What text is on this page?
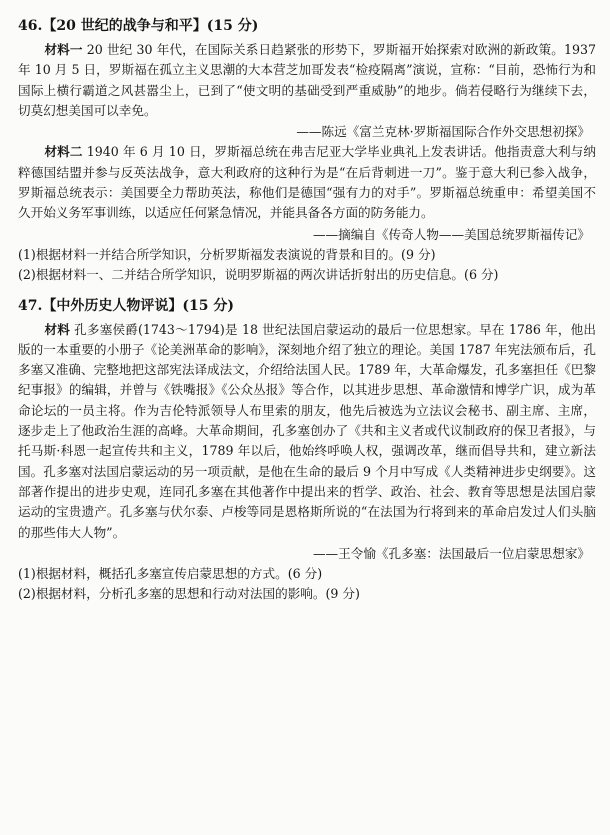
46.【20 世纪的战争与和平】(15 分)

材料一 20 世纪 30 年代，在国际关系日趋紧张的形势下，罗斯福开始探索对欧洲的新政策。1937 年 10 月 5 日，罗斯福在孤立主义思潮的大本营芝加哥发表“检疫隔离”演说，宣称：“目前，恐怖行为和国际上横行霸道之风甚嚣尘上，已到了“使文明的基础受到严重威胁”的地步。倘若侵略行为继续下去，切莫幻想美国可以幸免。

——陈远《富兰克林·罗斯福国际合作外交思想初探》

材料二 1940 年 6 月 10 日，罗斯福总统在弗吉尼亚大学毕业典礼上发表讲话。他指责意大利与纳粹德国结盟并参与反英法战争，意大利政府的这种行为是“在后背刺进一刀”。鉴于意大利已参入战争，罗斯福总统表示：美国要全力帮助英法，称他们是德国“强有力的对手”。罗斯福总统重申：希望美国不久开始义务军事训练，以适应任何紧急情况，并能具备各方面的防务能力。

——摘编自《传奇人物——美国总统罗斯福传记》
(1)根据材料一并结合所学知识，分析罗斯福发表演说的背景和目的。(9 分)
(2)根据材料一、二并结合所学知识，说明罗斯福的两次讲话折射出的历史信息。(6 分)
47.【中外历史人物评说】(15 分)

材料 孔多塞侯爵(1743～1794)是 18 世纪法国启蒙运动的最后一位思想家。早在 1786 年，他出版的一本重要的小册子《论美洲革命的影响》，深刻地介绍了独立的理论。美国 1787 年宪法颁布后，孔多塞又准确、完整地把这部宪法译成法文，介绍给法国人民。1789 年，大革命爆发，孔多塞担任《巴黎纪事报》的编辑，并曾与《铁嘴报》《公众丛报》等合作，以其进步思想、革命激情和博学广识，成为革命论坛的一员主将。作为吉伦特派领导人布里索的朋友，他先后被选为立法议会秘书、副主席、主席，逐步走上了他政治生涯的高峰。大革命期间，孔多塞创办了《共和主义者或代议制政府的保卫者报》，与托马斯·科恩一起宣传共和主义，1789 年以后，他始终呼唤人权，强调改革，继而倡导共和，建立新法国。孔多塞对法国启蒙运动的另一项贡献，是他在生命的最后 9 个月中写成《人类精神进步史纲要》。这部著作提出的进步史观，连同孔多塞在其他著作中提出来的哲学、政治、社会、教育等思想是法国启蒙运动的宝贵遗产。孔多塞与伏尔泰、卢梭等同是恩格斯所说的“在法国为行将到来的革命启发过人们头脑的那些伟大人物”。

——王令愉《孔多塞：法国最后一位启蒙思想家》
(1)根据材料，概括孔多塞宣传启蒙思想的方式。(6 分)
(2)根据材料，分析孔多塞的思想和行动对法国的影响。(9 分)
